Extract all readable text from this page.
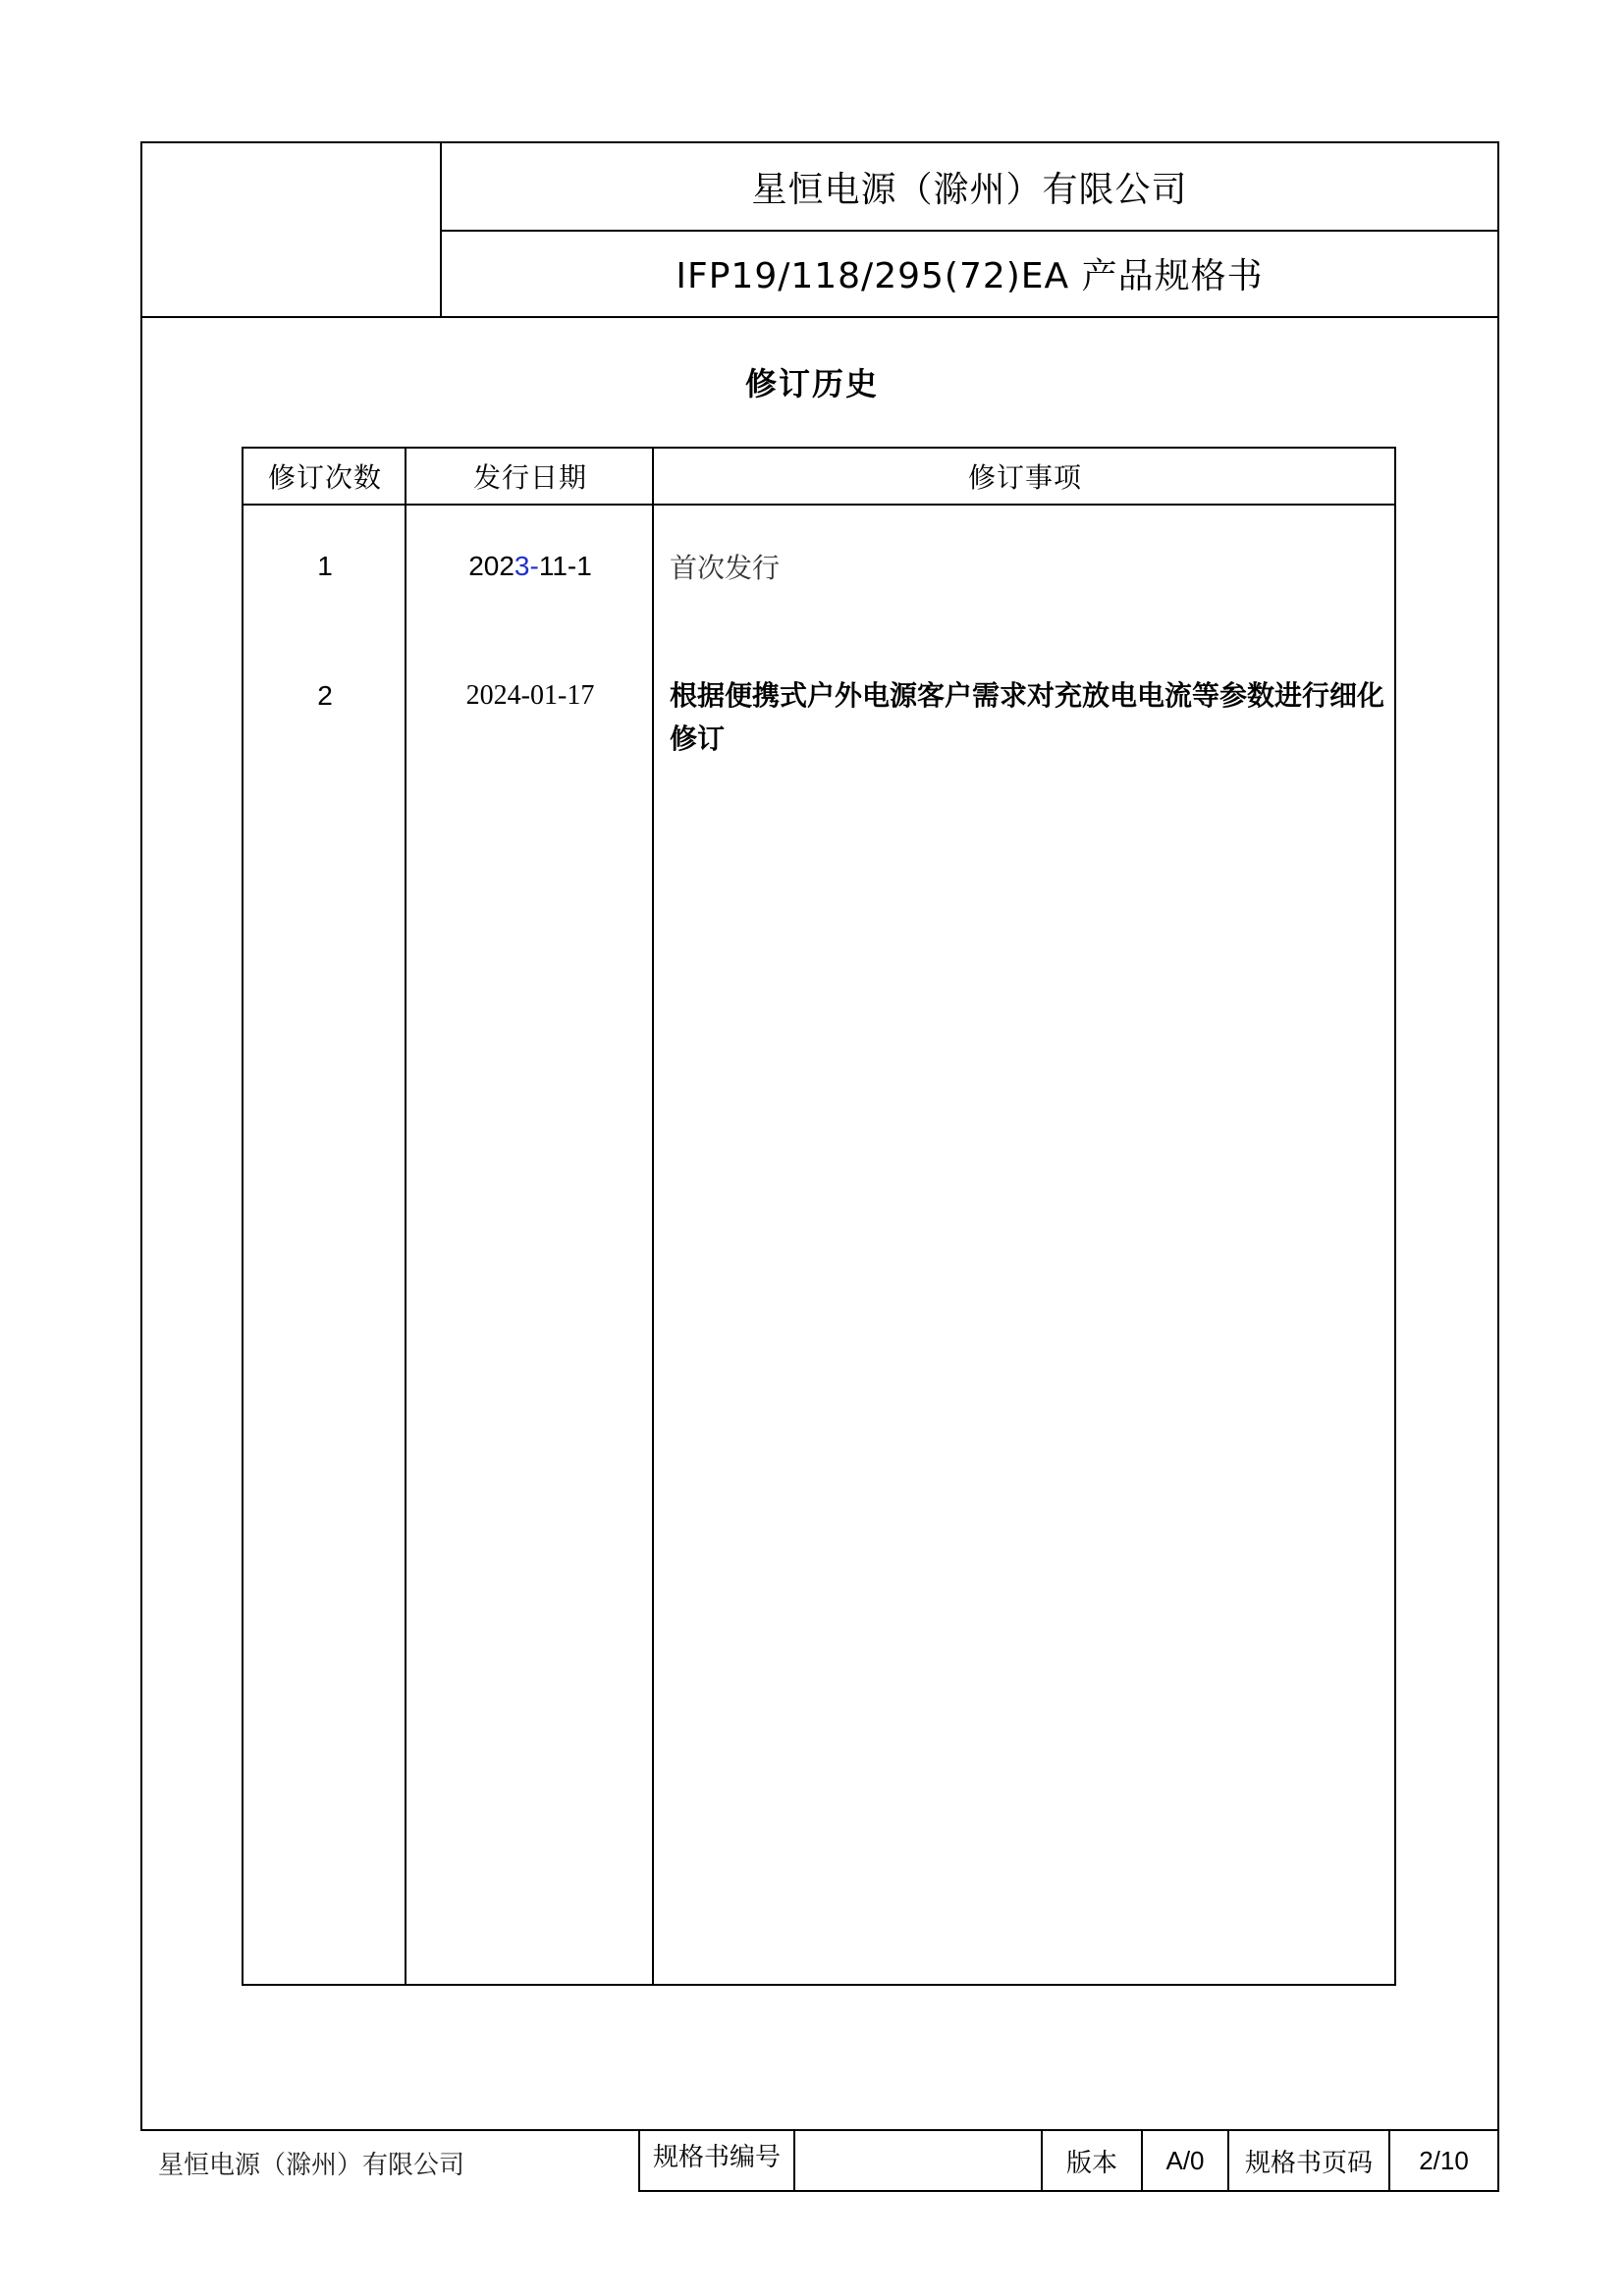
星恒电源（滁州）有限公司
IFP19/118/295(72)EA 产品规格书
修订历史
修订次数	发行日期	修订事项
1	2023-11-1	首次发行
2	2024-01-17	根据便携式户外电源客户需求对充放电电流等参数进行细化修订
星恒电源（滁州）有限公司	规格书编号	版本	A/0	规格书页码	2/10
